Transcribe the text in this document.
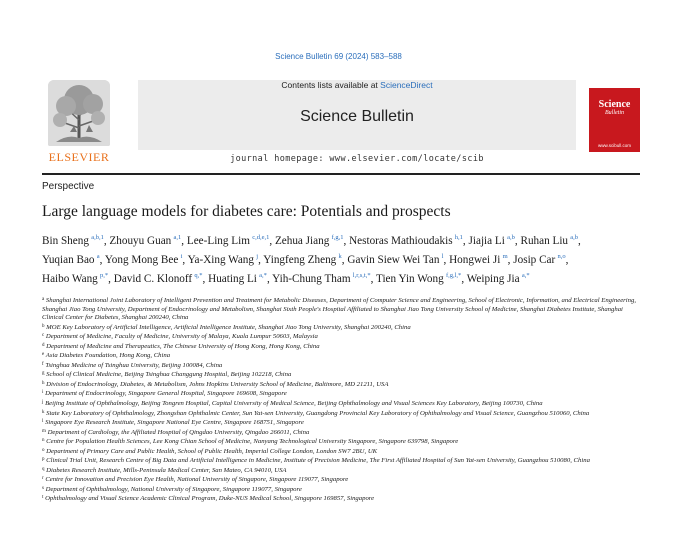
Science Bulletin 69 (2024) 583–588
ELSEVIER
Contents lists available at ScienceDirect
Science Bulletin
journal homepage: www.elsevier.com/locate/scib
Science
Bulletin
www.scibull.com
Perspective
Large language models for diabetes care: Potentials and prospects
Bin Sheng  $^{a,b,1}$, Zhouyu Guan  $^{a,1}$, Lee-Ling Lim  $^{c,d,e,1}$, Zehua Jiang  $^{f,g,1}$, Nestoras Mathioudakis  $^{h,1}$, Jiajia Li  $^{a,b}$, Ruhan Liu  $^{a,b}$, Yuqian Bao  $^a$, Yong Mong Bee  $^i$, Ya-Xing Wang  $^j$, Yingfeng Zheng  $^k$, Gavin Siew Wei Tan  $^l$, Hongwei Ji  $^m$, Josip Car  $^{n,o}$, Haibo Wang  $^{p,*}$, David C. Klonoff  $^{q,*}$, Huating Li  $^{a,*}$, Yih-Chung Tham  $^{l,r,s,t,*}$, Tien Yin Wong  $^{f,g,l,*}$, Weiping Jia  $^{a,*}$
$^a$ Shanghai International Joint Laboratory of Intelligent Prevention and Treatment for Metabolic Diseases, Department of Computer Science and Engineering, School of Electronic, Information, and Electrical Engineering, Shanghai Jiao Tong University, Department of Endocrinology and Metabolism, Shanghai Sixth People's Hospital Affiliated to Shanghai Jiao Tong University School of Medicine, Shanghai Diabetes Institute, Shanghai Clinical Center for Diabetes, Shanghai 200240, China
$^b$ MOE Key Laboratory of Artificial Intelligence, Artificial Intelligence Institute, Shanghai Jiao Tong University, Shanghai 200240, China
$^c$ Department of Medicine, Faculty of Medicine, University of Malaya, Kuala Lumpur 50603, Malaysia
$^d$ Department of Medicine and Therapeutics, The Chinese University of Hong Kong, Hong Kong, China
$^e$ Asia Diabetes Foundation, Hong Kong, China
$^f$ Tsinghua Medicine of Tsinghua University, Beijing 100084, China
$^g$ School of Clinical Medicine, Beijing Tsinghua Changgung Hospital, Beijing 102218, China
$^h$ Division of Endocrinology, Diabetes, & Metabolism, Johns Hopkins University School of Medicine, Baltimore, MD 21211, USA
$^i$ Department of Endocrinology, Singapore General Hospital, Singapore 169608, Singapore
$^j$ Beijing Institute of Ophthalmology, Beijing Tongren Hospital, Capital University of Medical Science, Beijing Ophthalmology and Visual Sciences Key Laboratory, Beijing 100730, China
$^k$ State Key Laboratory of Ophthalmology, Zhongshan Ophthalmic Center, Sun Yat-sen University, Guangdong Provincial Key Laboratory of Ophthalmology and Visual Science, Guangzhou 510060, China
$^l$ Singapore Eye Research Institute, Singapore National Eye Centre, Singapore 168751, Singapore
$^m$ Department of Cardiology, the Affiliated Hospital of Qingdao University, Qingdao 266011, China
$^n$ Centre for Population Health Sciences, Lee Kong Chian School of Medicine, Nanyang Technological University Singapore, Singapore 639798, Singapore
$^o$ Department of Primary Care and Public Health, School of Public Health, Imperial College London, London SW7 2BU, UK
$^p$ Clinical Trial Unit, Research Centre of Big Data and Artificial Intelligence in Medicine, Institute of Precision Medicine, The First Affiliated Hospital of Sun Yat-sen University, Guangzhou 510080, China
$^q$ Diabetes Research Institute, Mills-Peninsula Medical Center, San Mateo, CA 94010, USA
$^r$ Centre for Innovation and Precision Eye Health, National University of Singapore, Singapore 119077, Singapore
$^s$ Department of Ophthalmology, National University of Singapore, Singapore 119077, Singapore
$^t$ Ophthalmology and Visual Science Academic Clinical Program, Duke-NUS Medical School, Singapore 169857, Singapore
